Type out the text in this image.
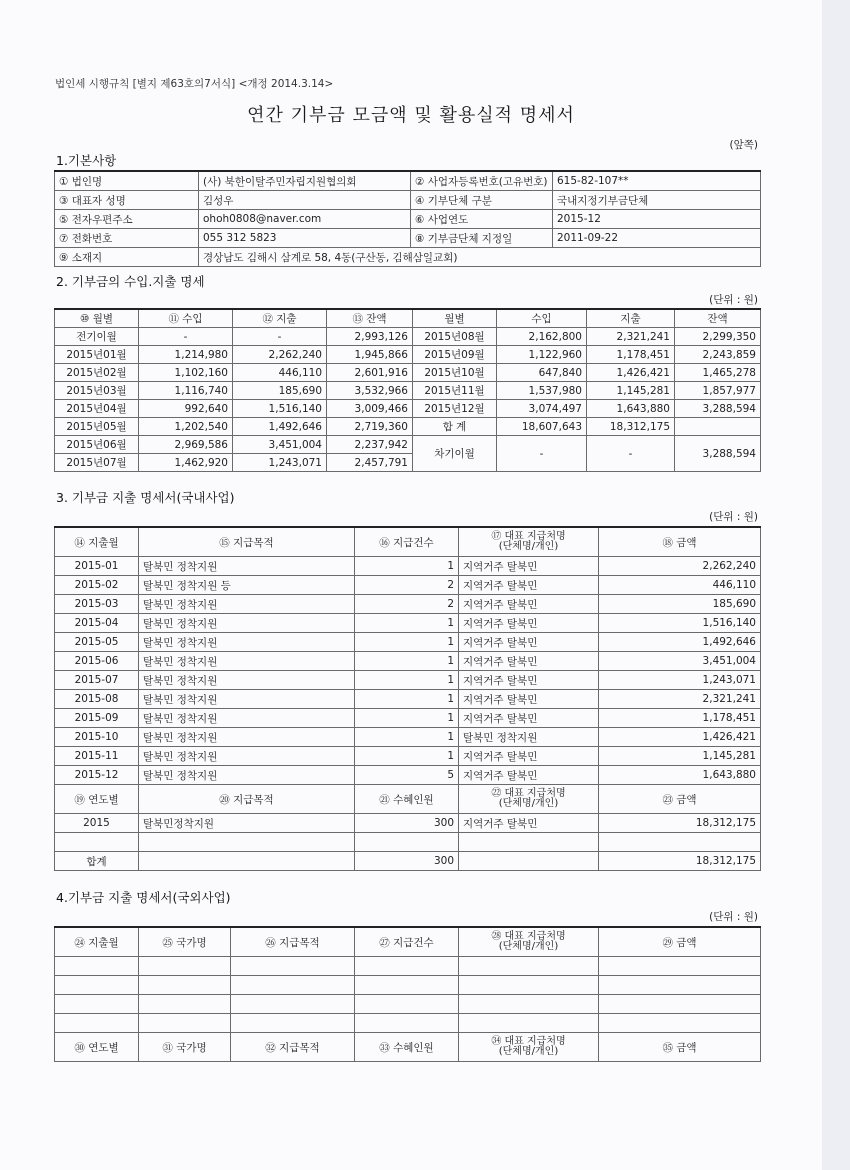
법인세 시행규칙 [별지 제63호의7서식] <개정 2014.3.14>
연간 기부금 모금액 및 활용실적 명세서
(앞쪽)
1.기본사항
① 법인명	(사) 북한이탈주민자립지원협의회	② 사업자등록번호(고유번호)	615-82-107**
③ 대표자 성명	김성우	④ 기부단체 구분	국내지정기부금단체
⑤ 전자우편주소	ohoh0808@naver.com	⑥ 사업연도	2015-12
⑦ 전화번호	055 312 5823	⑧ 기부금단체 지정일	2011-09-22
⑨ 소재지	경상남도 김해시 삼계로 58, 4동(구산동, 김해삼일교회)		
2. 기부금의 수입.지출 명세
(단위 : 원)
⑩ 월별	⑪ 수입	⑫ 지출	⑬ 잔액	월별	수입	지출	잔액
전기이월	-	-	2,993,126	2015년08월	2,162,800	2,321,241	2,299,350
2015년01월	1,214,980	2,262,240	1,945,866	2015년09월	1,122,960	1,178,451	2,243,859
2015년02월	1,102,160	446,110	2,601,916	2015년10월	647,840	1,426,421	1,465,278
2015년03월	1,116,740	185,690	3,532,966	2015년11월	1,537,980	1,145,281	1,857,977
2015년04월	992,640	1,516,140	3,009,466	2015년12월	3,074,497	1,643,880	3,288,594
2015년05월	1,202,540	1,492,646	2,719,360	합 계	18,607,643	18,312,175	
2015년06월	2,969,586	3,451,004	2,237,942	차기이월	-	-	3,288,594
2015년07월	1,462,920	1,243,071	2,457,791				
3. 기부금 지출 명세서(국내사업)
(단위 : 원)
⑭ 지출월	⑮ 지급목적	⑯ 지급건수	⑰ 대표 지급처명
(단체명/개인)	⑱ 금액
2015-01	탈북민 정착지원	1	지역거주 탈북민	2,262,240
2015-02	탈북민 정착지원 등	2	지역거주 탈북민	446,110
2015-03	탈북민 정착지원	2	지역거주 탈북민	185,690
2015-04	탈북민 정착지원	1	지역거주 탈북민	1,516,140
2015-05	탈북민 정착지원	1	지역거주 탈북민	1,492,646
2015-06	탈북민 정착지원	1	지역거주 탈북민	3,451,004
2015-07	탈북민 정착지원	1	지역거주 탈북민	1,243,071
2015-08	탈북민 정착지원	1	지역거주 탈북민	2,321,241
2015-09	탈북민 정착지원	1	지역거주 탈북민	1,178,451
2015-10	탈북민 정착지원	1	탈북민 정착지원	1,426,421
2015-11	탈북민 정착지원	1	지역거주 탈북민	1,145,281
2015-12	탈북민 정착지원	5	지역거주 탈북민	1,643,880
⑲ 연도별	⑳ 지급목적	㉑ 수혜인원	㉒ 대표 지급처명
(단체명/개인)	㉓ 금액
2015	탈북민정착지원	300	지역거주 탈북민	18,312,175

합계		300		18,312,175
4.기부금 지출 명세서(국외사업)
(단위 : 원)
㉔ 지출월	㉕ 국가명	㉖ 지급목적	㉗ 지급건수	㉘ 대표 지급처명
(단체명/개인)	㉙ 금액

㉚ 연도별	㉛ 국가명	㉜ 지급목적	㉝ 수혜인원	㉞ 대표 지급처명
(단체명/개인)	㉟ 금액
